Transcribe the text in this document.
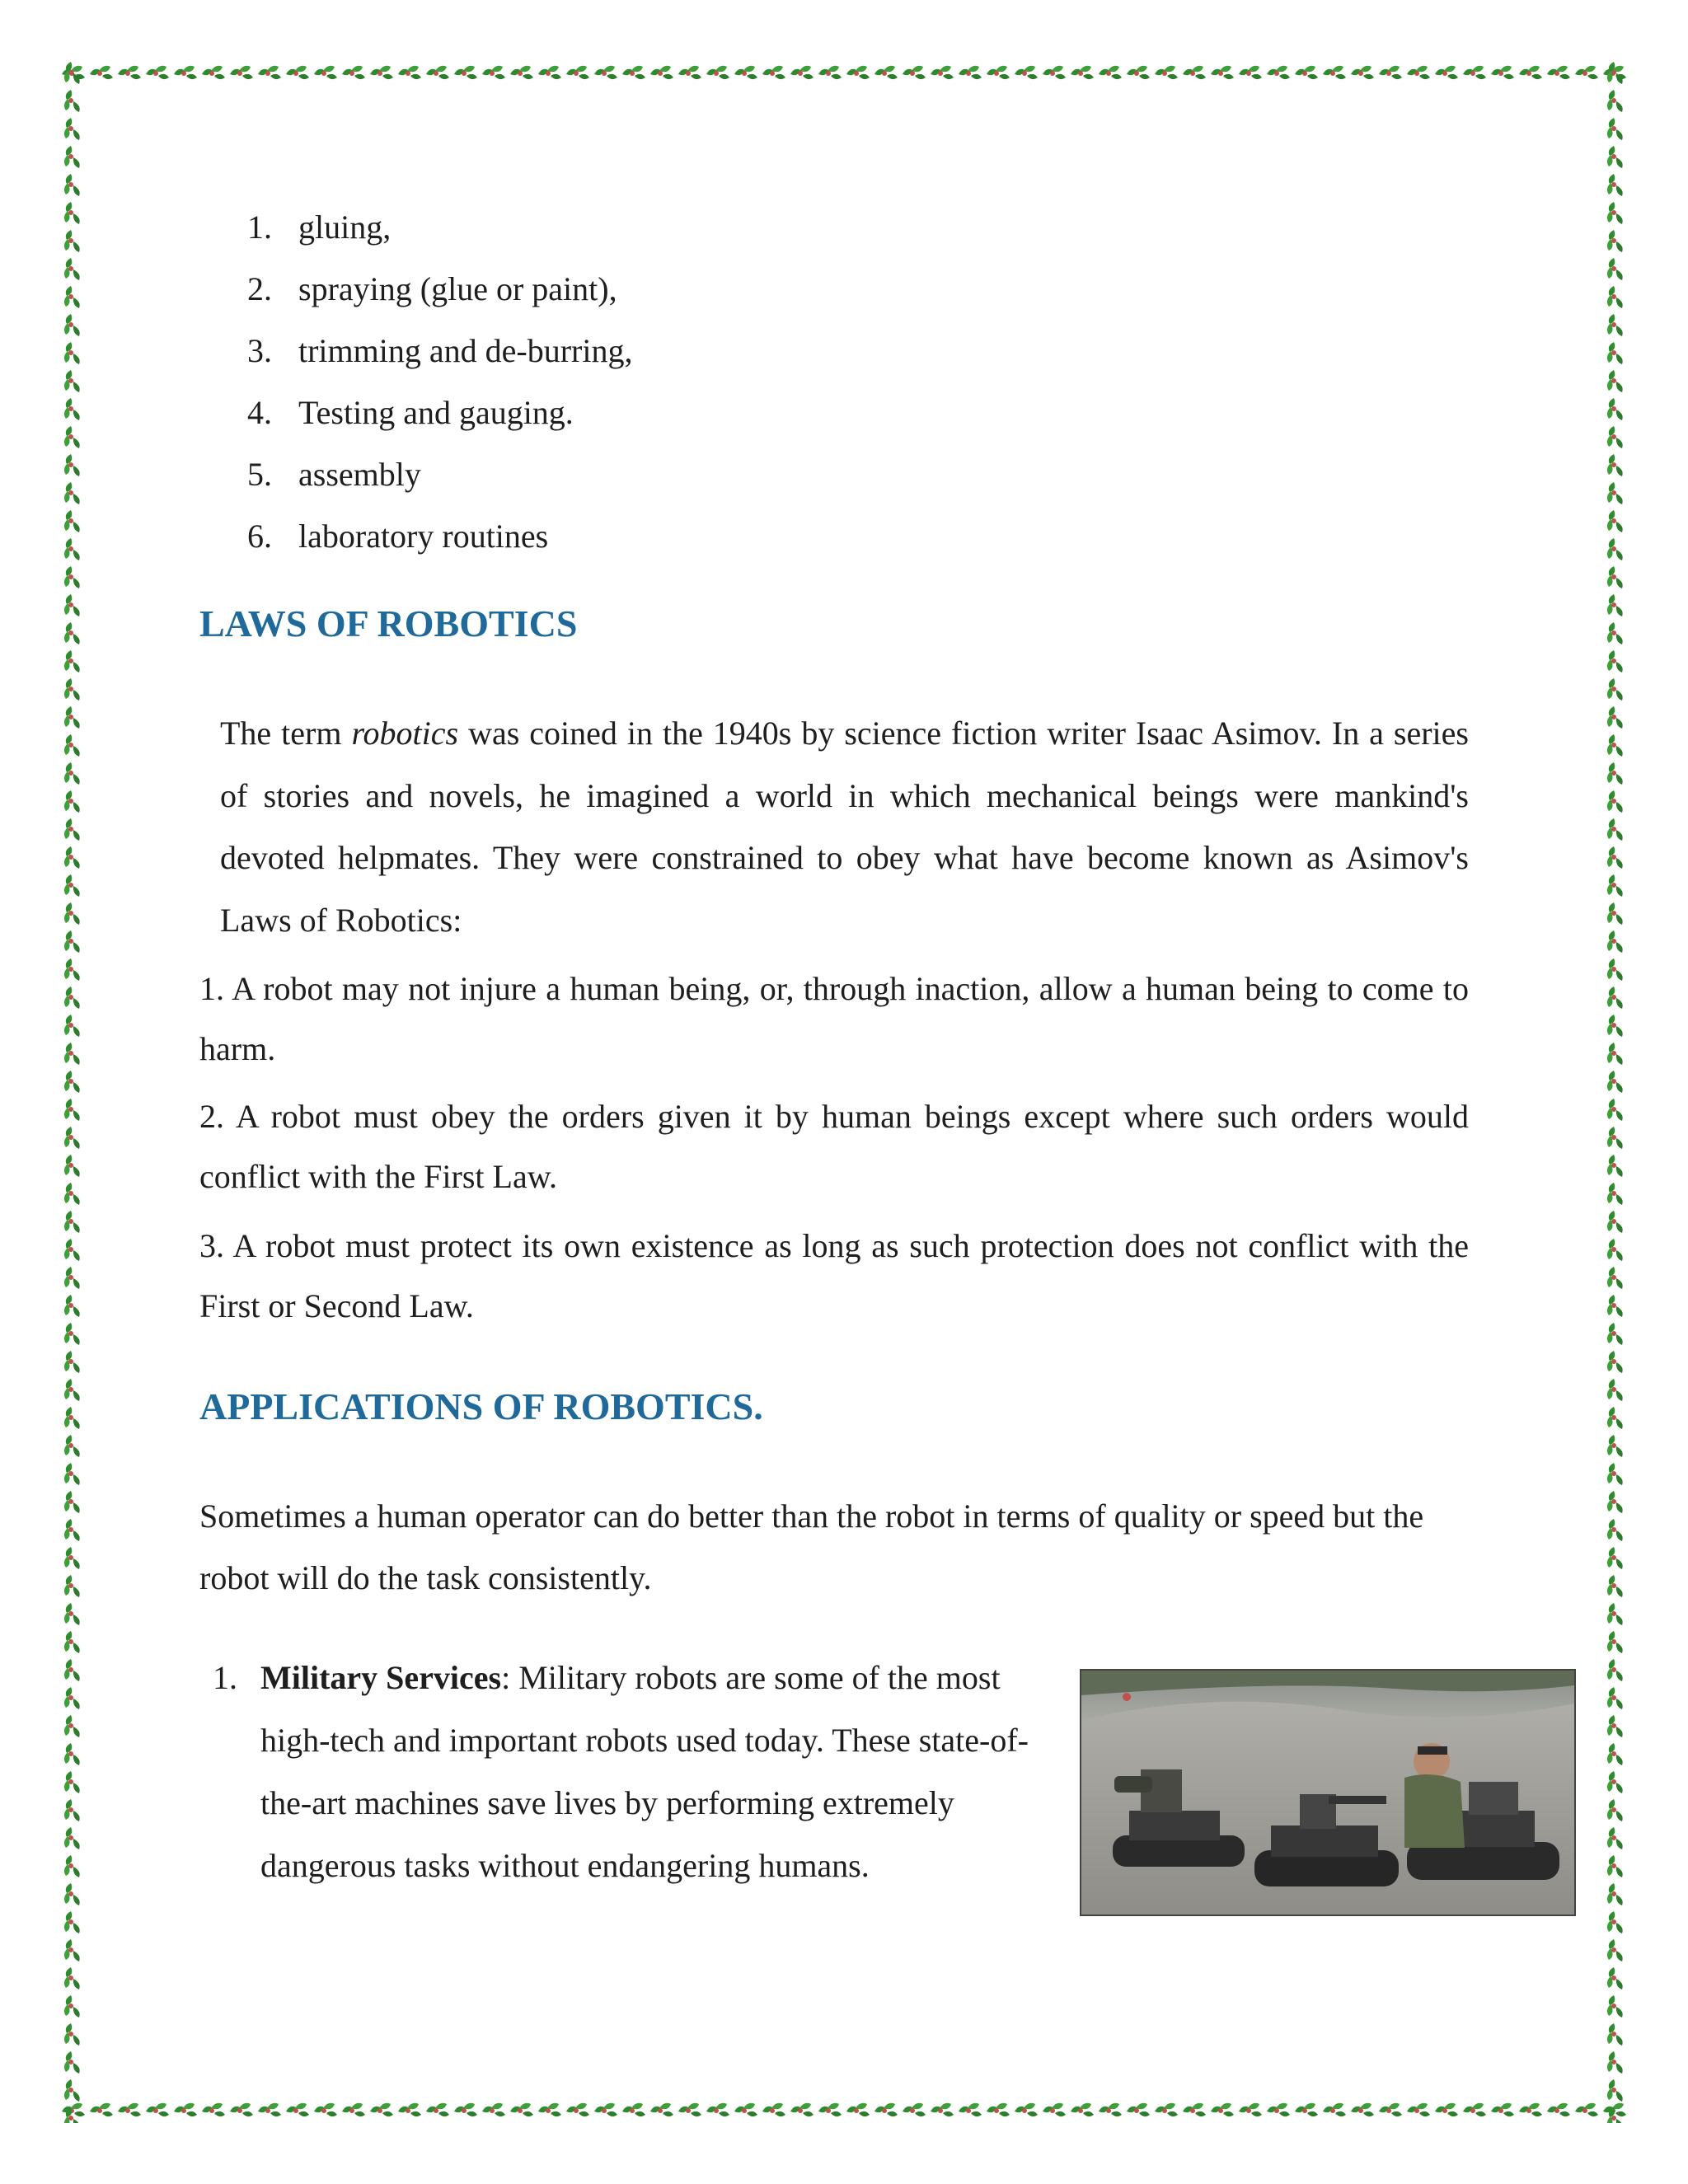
1. gluing,
2. spraying (glue or paint),
3. trimming and de-burring,
4. Testing and gauging.
5. assembly
6. laboratory routines
LAWS OF ROBOTICS

The term robotics was coined in the 1940s by science fiction writer Isaac Asimov. In a series of stories and novels, he imagined a world in which mechanical beings were mankind's devoted helpmates. They were constrained to obey what have become known as Asimov's Laws of Robotics:

1. A robot may not injure a human being, or, through inaction, allow a human being to come to harm.

2. A robot must obey the orders given it by human beings except where such orders would conflict with the First Law.

3. A robot must protect its own existence as long as such protection does not conflict with the First or Second Law.

APPLICATIONS OF ROBOTICS.

Sometimes a human operator can do better than the robot in terms of quality or speed but the robot will do the task consistently.

1. Military Services: Military robots are some of the most high-tech and important robots used today. These state-of-the-art machines save lives by performing extremely dangerous tasks without endangering humans.
